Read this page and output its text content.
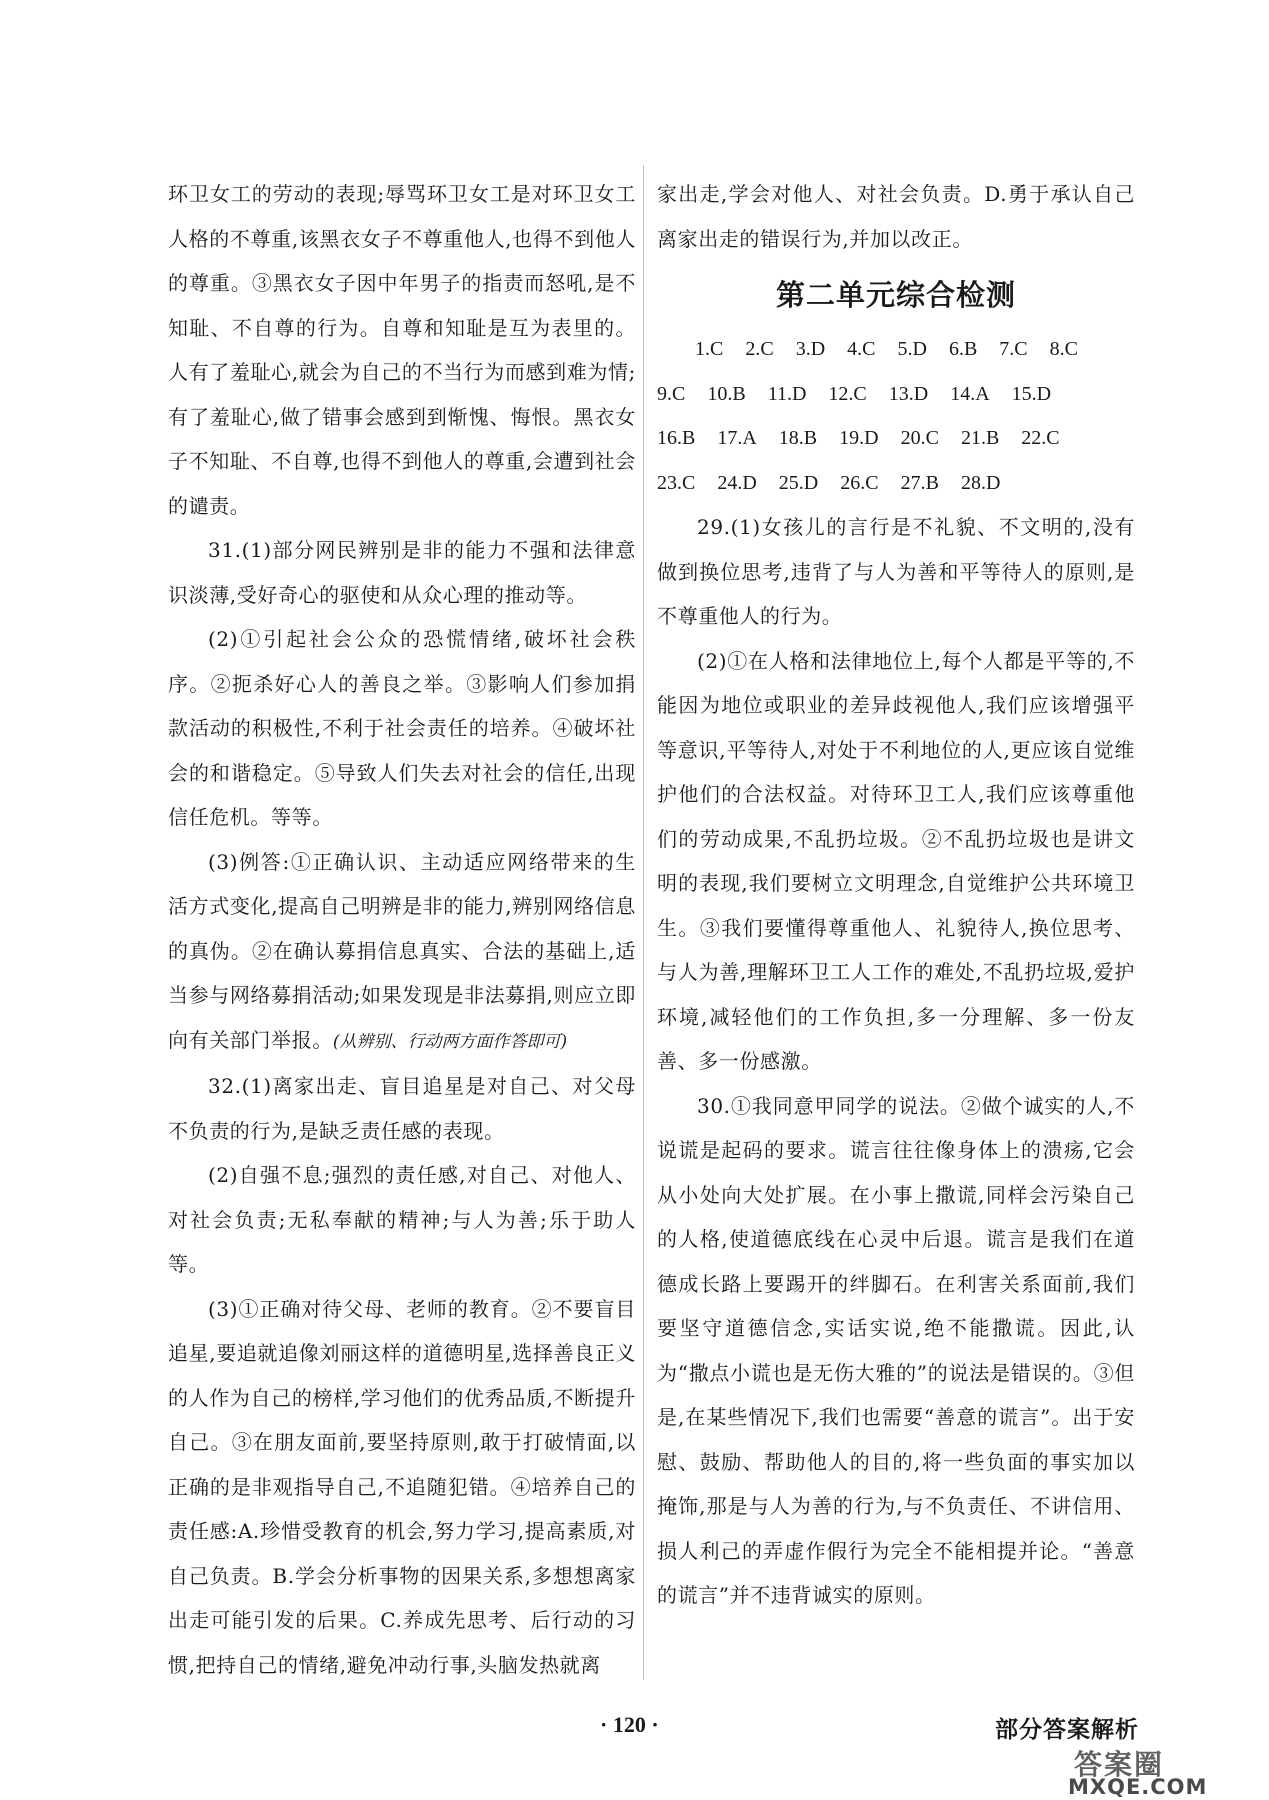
环卫女工的劳动的表现;辱骂环卫女工是对环卫女工人格的不尊重,该黑衣女子不尊重他人,也得不到他人的尊重。③黑衣女子因中年男子的指责而怒吼,是不知耻、不自尊的行为。自尊和知耻是互为表里的。人有了羞耻心,就会为自己的不当行为而感到难为情;有了羞耻心,做了错事会感到到惭愧、悔恨。黑衣女子不知耻、不自尊,也得不到他人的尊重,会遭到社会的谴责。

31.(1)部分网民辨别是非的能力不强和法律意识淡薄,受好奇心的驱使和从众心理的推动等。

(2)①引起社会公众的恐慌情绪,破坏社会秩序。②扼杀好心人的善良之举。③影响人们参加捐款活动的积极性,不利于社会责任的培养。④破坏社会的和谐稳定。⑤导致人们失去对社会的信任,出现信任危机。等等。

(3)例答:①正确认识、主动适应网络带来的生活方式变化,提高自己明辨是非的能力,辨别网络信息的真伪。②在确认募捐信息真实、合法的基础上,适当参与网络募捐活动;如果发现是非法募捐,则应立即向有关部门举报。(从辨别、行动两方面作答即可)

32.(1)离家出走、盲目追星是对自己、对父母不负责的行为,是缺乏责任感的表现。

(2)自强不息;强烈的责任感,对自己、对他人、对社会负责;无私奉献的精神;与人为善;乐于助人等。

(3)①正确对待父母、老师的教育。②不要盲目追星,要追就追像刘丽这样的道德明星,选择善良正义的人作为自己的榜样,学习他们的优秀品质,不断提升自己。③在朋友面前,要坚持原则,敢于打破情面,以正确的是非观指导自己,不追随犯错。④培养自己的责任感:A.珍惜受教育的机会,努力学习,提高素质,对自己负责。B.学会分析事物的因果关系,多想想离家出走可能引发的后果。C.养成先思考、后行动的习惯,把持自己的情绪,避免冲动行事,头脑发热就离

家出走,学会对他人、对社会负责。D.勇于承认自己离家出走的错误行为,并加以改正。

第二单元综合检测
1.C 2.C 3.D 4.C 5.D 6.B 7.C 8.C
9.C 10.B 11.D 12.C 13.D 14.A 15.D
16.B 17.A 18.B 19.D 20.C 21.B 22.C
23.C 24.D 25.D 26.C 27.B 28.D

29.(1)女孩儿的言行是不礼貌、不文明的,没有做到换位思考,违背了与人为善和平等待人的原则,是不尊重他人的行为。

(2)①在人格和法律地位上,每个人都是平等的,不能因为地位或职业的差异歧视他人,我们应该增强平等意识,平等待人,对处于不利地位的人,更应该自觉维护他们的合法权益。对待环卫工人,我们应该尊重他们的劳动成果,不乱扔垃圾。②不乱扔垃圾也是讲文明的表现,我们要树立文明理念,自觉维护公共环境卫生。③我们要懂得尊重他人、礼貌待人,换位思考、与人为善,理解环卫工人工作的难处,不乱扔垃圾,爱护环境,减轻他们的工作负担,多一分理解、多一份友善、多一份感激。

30.①我同意甲同学的说法。②做个诚实的人,不说谎是起码的要求。谎言往往像身体上的溃疡,它会从小处向大处扩展。在小事上撒谎,同样会污染自己的人格,使道德底线在心灵中后退。谎言是我们在道德成长路上要踢开的绊脚石。在利害关系面前,我们要坚守道德信念,实话实说,绝不能撒谎。因此,认为“撒点小谎也是无伤大雅的”的说法是错误的。③但是,在某些情况下,我们也需要“善意的谎言”。出于安慰、鼓励、帮助他人的目的,将一些负面的事实加以掩饰,那是与人为善的行为,与不负责任、不讲信用、损人利己的弄虚作假行为完全不能相提并论。“善意的谎言”并不违背诚实的原则。

· 120 ·	部分答案解析
答案圈
MXQE.COM
